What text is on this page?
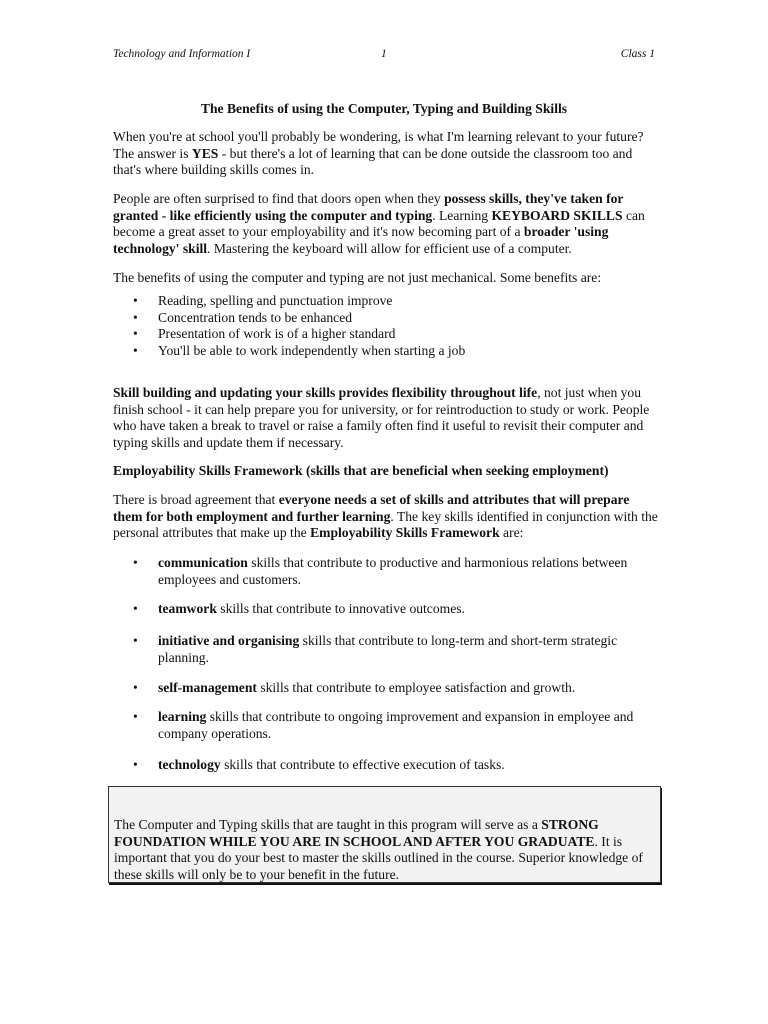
Technology and Information I	1	Class 1
The Benefits of using the Computer, Typing and Building Skills

When you're at school you'll probably be wondering, is what I'm learning relevant to your future? The answer is YES - but there's a lot of learning that can be done outside the classroom too and that's where building skills comes in.

People are often surprised to find that doors open when they possess skills, they've taken for granted - like efficiently using the computer and typing. Learning KEYBOARD SKILLS can become a great asset to your employability and it's now becoming part of a broader 'using technology' skill. Mastering the keyboard will allow for efficient use of a computer.

The benefits of using the computer and typing are not just mechanical. Some benefits are:

• Reading, spelling and punctuation improve
• Concentration tends to be enhanced
• Presentation of work is of a higher standard
• You'll be able to work independently when starting a job

Skill building and updating your skills provides flexibility throughout life, not just when you finish school - it can help prepare you for university, or for reintroduction to study or work. People who have taken a break to travel or raise a family often find it useful to revisit their computer and typing skills and update them if necessary.

Employability Skills Framework (skills that are beneficial when seeking employment)

There is broad agreement that everyone needs a set of skills and attributes that will prepare them for both employment and further learning. The key skills identified in conjunction with the personal attributes that make up the Employability Skills Framework are:

• communication skills that contribute to productive and harmonious relations between employees and customers.
• teamwork skills that contribute to innovative outcomes.
• initiative and organising skills that contribute to long-term and short-term strategic planning.
• self-management skills that contribute to employee satisfaction and growth.
• learning skills that contribute to ongoing improvement and expansion in employee and company operations.
• technology skills that contribute to effective execution of tasks.

The Computer and Typing skills that are taught in this program will serve as a STRONG FOUNDATION WHILE YOU ARE IN SCHOOL AND AFTER YOU GRADUATE. It is important that you do your best to master the skills outlined in the course. Superior knowledge of these skills will only be to your benefit in the future.
